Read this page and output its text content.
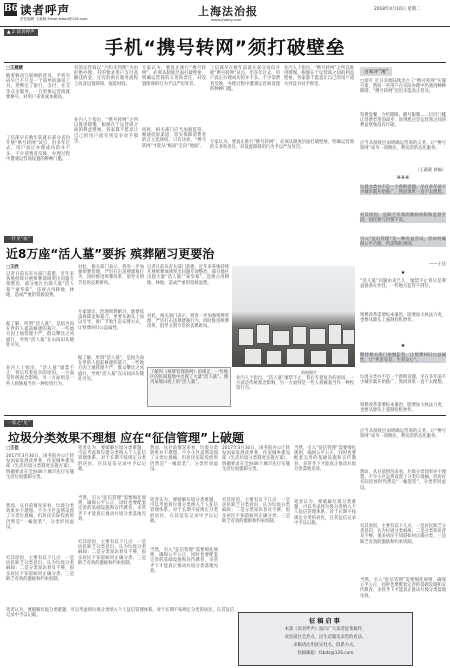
B6 读者呼声
责任编辑 王葳葳 Email:fzbdz@126.com
上海法治报
www.jfdaily.com
2018年4月10日 星期二
▲ 2 读者呼声
手机“携号转网”须打破壁垒
□王葳葳
随着移动互联网的普及，手机号码早已不只是一个简单的通讯工具，更绑定了银行、支付、社交等众多服务。一旦更换运营商就要换号，对用户来说成本极高。
工信部早在数年前就在部分省份开展“携号转网”试点，但多年过去，用户真正办理成功的并不多。不少消费者反映，办理过程中遭遇运营商设置的种种门槛。
有的运营商以“合约未到期”为由拒绝办理，有的要求用户支付高额违约金，还有的则在服务流程上故意设置障碍，拖延时间。
业内人士指出，“携号转网”之所以推进缓慢，根源在于运营商之间的利益壁垒。各家都不愿意让自己的用户流失到竞争对手那里。
专家认为，要真正推行“携号转网”，必须从制度层面打破壁垒，明确运营商的义务和责任，对设置障碍的行为予以严厉处罚。
同时，相关部门应当加强监管，畅通投诉渠道，切实保障消费者的自主选择权。只有这样，“携号转网”才能从“纸面”走向“地面”。
工信部早在数年前就在部分省份开展“携号转网”试点，但多年过去，用户真正办理成功的并不多。不少消费者反映，办理过程中遭遇运营商设置的种种门槛。
业内人士指出，“携号转网”之所以推进缓慢，根源在于运营商之间的利益壁垒。各家都不愿意让自己的用户流失到竞争对手那里。
专家认为，要真正推行“携号转网”，必须从制度层面打破壁垒，明确运营商的义务和责任，对设置障碍的行为予以严厉处罚。
百家评“观”
□徐可 近日多地陆续出台了“携号转网”实施方案，然而一些用户在实际办理中仍遇到种种障碍，“携号转网”迟迟未能真正普及。
资费套餐、合约期限、靓号限制……层层门槛让消费者望而却步，说到底还是运营商之间的利益壁垒没有打破。
应当从制度层面明确运营商的义务，让“携号转网”成为一项便民、利民的常态化服务。
（王葳葳 供稿）
※※※
垃圾分类并不是一个新鲜话题，早在多年前不少城市就开始推广，然而效果一直不太理想。
究其原因，是缺乏有效的激励机制和监督手段，居民参与热情不高。
引入“征信管理”是一种有益尝试，但如何确保公平合理，仍需细化规则。
——王佳
★
“活人墓”问题由来已久，屡禁不止背后是利益链条在作怪，一些地方监管不到位。
殡葬改革需要标本兼治，既要加大执法力度，也要从源头上遏制投机炒作。
★
期待相关部门加强监管，让殡葬回归公益属性，让“死者安息、生者安心”。
垃圾分类并不是一个新鲜话题，早在多年前不少城市就开始推广，然而效果一直不太理想。
殡葬改革需要标本兼治，既要加大执法力度，也要从源头上遏制投机炒作。
应当从制度层面明确运营商的义务，让“携号转网”成为一项便民、利民的常态化服务。
一针见“血”
近8万座“活人墓”要拆 殡葬陋习更要治
□王欣
记者日前从有关部门获悉，近年来各地持续开展殡葬领域突出问题专项整治，部分地区出现大量“活人墓”“豪华墓”，违规占用耕地、林地，造成严重的资源浪费。
据了解，所谓“活人墓”，是指为尚在世的人提前修建的墓穴。一些地方因土地管理不严，群众攀比之风盛行，导致“活人墓”在山间田头随处可见。
业内人士指出，“活人墓”屡禁不止，背后有着复杂的原因。一方面是传统观念影响，另一方面则是一些人将修墓当作一种投资行为。
对此，相关部门表示，将进一步加强殡葬管理，严厉打击违规建墓行为，同时推进殡葬改革，倡导文明节俭的丧葬新风。
专家建议，治理殡葬陋习，既要依法拆除违规墓穴，更要从源头上加以引导，推广节地生态安葬方式，让殡葬回归公益属性。
据了解，所谓“活人墓”，是指为尚在世的人提前修建的墓穴。一些地方因土地管理不严，群众攀比之风盛行，导致“活人墓”在山间田头随处可见。
记者日前从有关部门获悉，近年来各地持续开展殡葬领域突出问题专项整治，部分地区出现大量“活人墓”“豪华墓”，违规占用耕地、林地，造成严重的资源浪费。
对此，相关部门表示，将进一步加强殡葬管理，严厉打击违规建墓行为，同时推进殡葬改革，倡导文明节俭的丧葬新风。
资料照片
了解到《殡葬管理条例》的规定，一些地区的民间墓地中出现了大量“活人墓”。图为某地山坡上的“活人墓”。
业内人士指出，“活人墓”屡禁不止，背后有着复杂的原因。一方面是传统观念影响，另一方面则是一些人将修墓当作一种投资行为。
一家之“见”
垃圾分类效果不理想 应在“征信管理”上破题
□王佳
2017年3月30日，国务院办公厅转发国家发展改革委、住房城乡建设部《生活垃圾分类制度实施方案》，明确要求在全国46个城市先行实施生活垃圾强制分类。
然而，从目前情况来看，垃圾分类效果并不理想。不少小区虽然设置了分类垃圾桶，但居民实际投放时仍然是“一桶混装”，分类形同虚设。
究其原因，主要有以下几点：一是居民缺乏分类意识，认为垃圾分类麻烦；二是分类知识普及不够，很多居民不知道如何正确分类；三是缺乏有效的激励和约束机制。
笔者认为，要破解垃圾分类难题，可以考虑将垃圾分类纳入个人征信管理体系。对于长期不按规定分类的居民，在其征信记录中予以记载。
当然，引入“征信管理”需要细化规则，确保公平公正，同时也要配套完善的基础设施和宣传教育，多管齐下才能真正推动垃圾分类落地见效。
究其原因，主要有以下几点：一是居民缺乏分类意识，认为垃圾分类麻烦；二是分类知识普及不够，很多居民不知道如何正确分类；三是缺乏有效的激励和约束机制。
然而，从目前情况来看，垃圾分类效果并不理想。不少小区虽然设置了分类垃圾桶，但居民实际投放时仍然是“一桶混装”，分类形同虚设。
笔者认为，要破解垃圾分类难题，可以考虑将垃圾分类纳入个人征信管理体系。对于长期不按规定分类的居民，在其征信记录中予以记载。
当然，引入“征信管理”需要细化规则，确保公平公正，同时也要配套完善的基础设施和宣传教育，多管齐下才能真正推动垃圾分类落地见效。
2017年3月30日，国务院办公厅转发国家发展改革委、住房城乡建设部《生活垃圾分类制度实施方案》，明确要求在全国46个城市先行实施生活垃圾强制分类。
究其原因，主要有以下几点：一是居民缺乏分类意识，认为垃圾分类麻烦；二是分类知识普及不够，很多居民不知道如何正确分类；三是缺乏有效的激励和约束机制。
当然，引入“征信管理”需要细化规则，确保公平公正，同时也要配套完善的基础设施和宣传教育，多管齐下才能真正推动垃圾分类落地见效。
笔者认为，要破解垃圾分类难题，可以考虑将垃圾分类纳入个人征信管理体系。对于长期不按规定分类的居民，在其征信记录中予以记载。
然而，从目前情况来看，垃圾分类效果并不理想。不少小区虽然设置了分类垃圾桶，但居民实际投放时仍然是“一桶混装”，分类形同虚设。
究其原因，主要有以下几点：一是居民缺乏分类意识，认为垃圾分类麻烦；二是分类知识普及不够，很多居民不知道如何正确分类；三是缺乏有效的激励和约束机制。
当然，引入“征信管理”需要细化规则，确保公平公正，同时也要配套完善的基础设施和宣传教育，多管齐下才能真正推动垃圾分类落地见效。
笔者认为，要破解垃圾分类难题，可以考虑将垃圾分类纳入个人征信管理体系。对于长期不按规定分类的居民，在其征信记录中予以记载。
征稿启事
本版《读者呼声》面向广大读者征集稿件，
欢迎就社会热点、民生话题发表您的看法。
来稿请注明真实姓名、联系方式，
投稿邮箱：fzbdz@126.com
